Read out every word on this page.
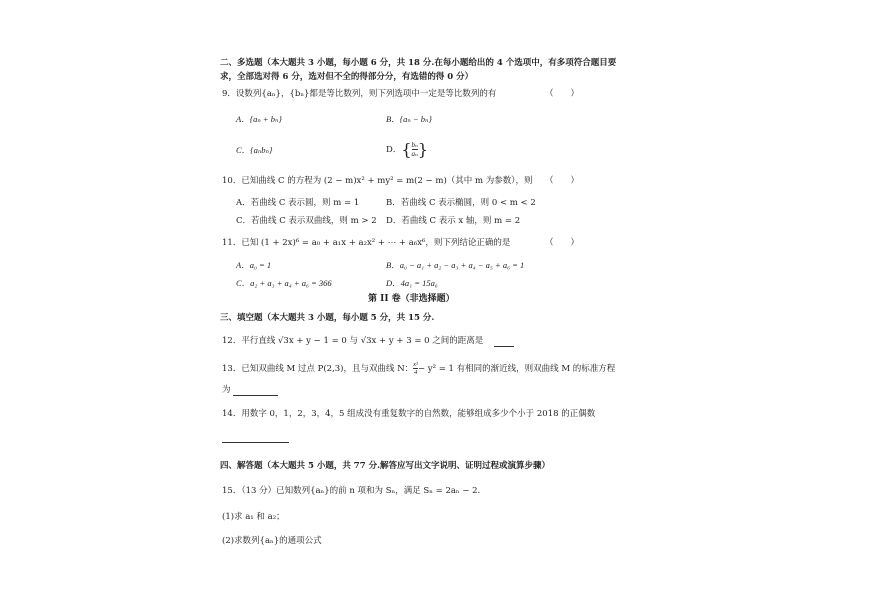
二、多选题（本大题共 3 小题，每小题 6 分，共 18 分.在每小题给出的 4 个选项中，有多项符合题目要
求，全部选对得 6 分，选对但不全的得部分分，有选错的得 0 分）
9．设数列{aₙ}，{bₙ}都是等比数列，则下列选项中一定是等比数列的有	（　　）
A．{aₙ + bₙ}	B．{aₙ − bₙ}
C．{aₙbₙ}	D．{ $\frac{\text{bₙ}}{\text{aₙ}}$ }
10．已知曲线 C 的方程为 (2 − m)x² + my² = m(2 − m)（其中 m 为参数），则 （　　）
A．若曲线 C 表示圆，则 m = 1	B．若曲线 C 表示椭圆，则 0 < m < 2
C．若曲线 C 表示双曲线，则 m > 2 D．若曲线 C 表示 x 轴，则 m = 2
11．已知 (1 + 2x)⁶ = a₀ + a₁x + a₂x² + ⋯ + a₆x⁶，则下列结论正确的是	（　　）
A．a₀ = 1	B．a₀ − a₁ + a₂ − a₃ + a₄ − a₅ + a₆ = 1
C．a₂ + a₃ + a₄ + a₆ = 366	D．4a₁ = 15a₆
第 II 卷（非选择题）
三、填空题（本大题共 3 小题，每小题 5 分，共 15 分.
12．平行直线 √3x + y − 1 = 0 与 √3x + y + 3 = 0 之间的距离是
13．已知双曲线 M 过点 P(2,3)，且与双曲线 N： $\frac{\text{x²}}{4} - y^2 = 1$ 有相同的渐近线，则双曲线 M 的标准方程
为
14．用数字 0，1，2，3，4，5 组成没有重复数字的自然数，能够组成多少个小于 2018 的正偶数
四、解答题（本大题共 5 小题，共 77 分.解答应写出文字说明、证明过程或演算步骤）
15．（13 分）已知数列{aₙ}的前 n 项和为 Sₙ，满足 Sₙ = 2aₙ − 2.
(1)求 a₁ 和 a₂；
(2)求数列{aₙ}的通项公式
